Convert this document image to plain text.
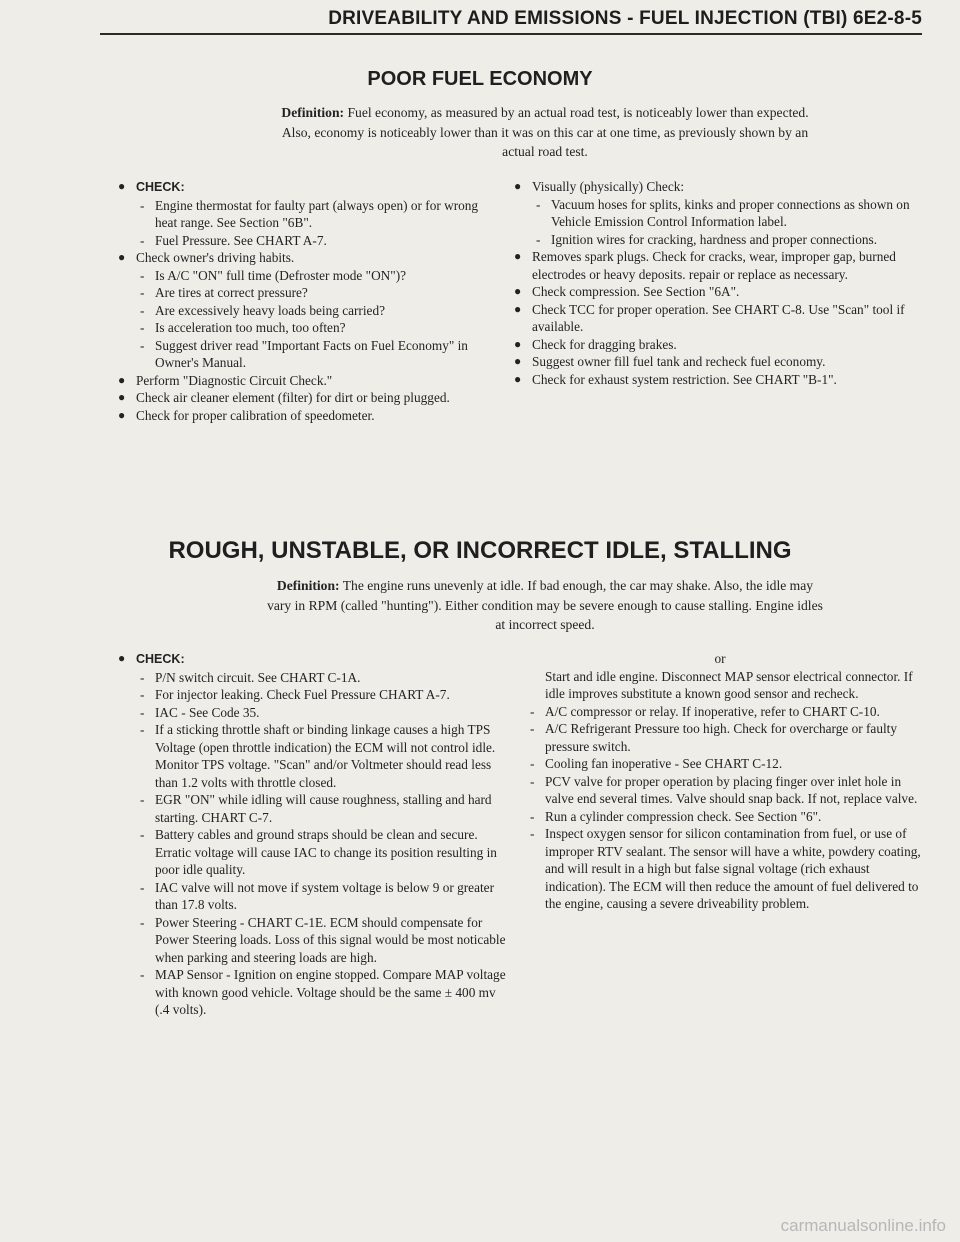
DRIVEABILITY AND EMISSIONS - FUEL INJECTION (TBI) 6E2-8-5
POOR FUEL ECONOMY
Definition: Fuel economy, as measured by an actual road test, is noticeably lower than expected. Also, economy is noticeably lower than it was on this car at one time, as previously shown by an actual road test.
● CHECK:
- Engine thermostat for faulty part (always open) or for wrong heat range. See Section "6B".
- Fuel Pressure. See CHART A-7.
● Check owner's driving habits.
- Is A/C "ON" full time (Defroster mode "ON")?
- Are tires at correct pressure?
- Are excessively heavy loads being carried?
- Is acceleration too much, too often?
- Suggest driver read "Important Facts on Fuel Economy" in Owner's Manual.
● Perform "Diagnostic Circuit Check."
● Check air cleaner element (filter) for dirt or being plugged.
● Check for proper calibration of speedometer.
● Visually (physically) Check:
- Vacuum hoses for splits, kinks and proper connections as shown on Vehicle Emission Control Information label.
- Ignition wires for cracking, hardness and proper connections.
● Removes spark plugs. Check for cracks, wear, improper gap, burned electrodes or heavy deposits. repair or replace as necessary.
● Check compression. See Section "6A".
● Check TCC for proper operation. See CHART C-8. Use "Scan" tool if available.
● Check for dragging brakes.
● Suggest owner fill fuel tank and recheck fuel economy.
● Check for exhaust system restriction. See CHART "B-1".
ROUGH, UNSTABLE, OR INCORRECT IDLE, STALLING
Definition: The engine runs unevenly at idle. If bad enough, the car may shake. Also, the idle may vary in RPM (called "hunting"). Either condition may be severe enough to cause stalling. Engine idles at incorrect speed.
● CHECK:
- P/N switch circuit. See CHART C-1A.
- For injector leaking. Check Fuel Pressure CHART A-7.
- IAC - See Code 35.
- If a sticking throttle shaft or binding linkage causes a high TPS Voltage (open throttle indication) the ECM will not control idle. Monitor TPS voltage. "Scan" and/or Voltmeter should read less than 1.2 volts with throttle closed.
- EGR "ON" while idling will cause roughness, stalling and hard starting. CHART C-7.
- Battery cables and ground straps should be clean and secure. Erratic voltage will cause IAC to change its position resulting in poor idle quality.
- IAC valve will not move if system voltage is below 9 or greater than 17.8 volts.
- Power Steering - CHART C-1E. ECM should compensate for Power Steering loads. Loss of this signal would be most noticable when parking and steering loads are high.
- MAP Sensor - Ignition on engine stopped. Compare MAP voltage with known good vehicle. Voltage should be the same ± 400 mv (.4 volts).
or
Start and idle engine. Disconnect MAP sensor electrical connector. If idle improves substitute a known good sensor and recheck.
- A/C compressor or relay. If inoperative, refer to CHART C-10.
- A/C Refrigerant Pressure too high. Check for overcharge or faulty pressure switch.
- Cooling fan inoperative - See CHART C-12.
- PCV valve for proper operation by placing finger over inlet hole in valve end several times. Valve should snap back. If not, replace valve.
- Run a cylinder compression check. See Section "6".
- Inspect oxygen sensor for silicon contamination from fuel, or use of improper RTV sealant. The sensor will have a white, powdery coating, and will result in a high but false signal voltage (rich exhaust indication). The ECM will then reduce the amount of fuel delivered to the engine, causing a severe driveability problem.
carmanualsonline.info
